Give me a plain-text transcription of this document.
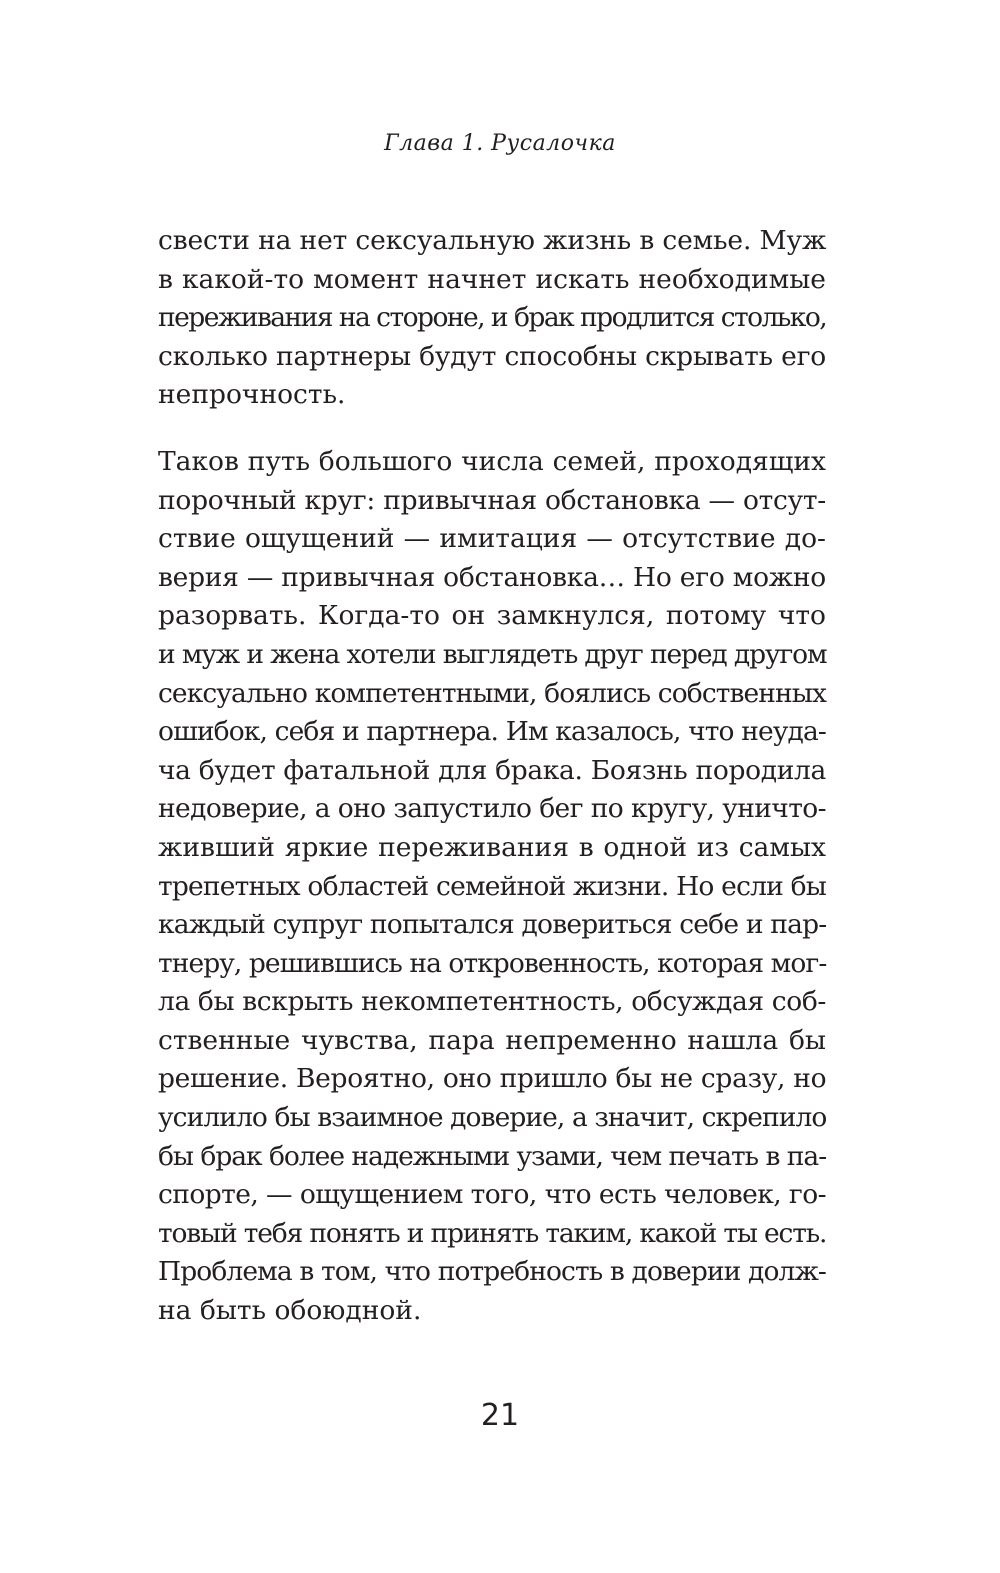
Глава 1. Русалочка
свести на нет сексуальную жизнь в семье. Муж
в какой-то момент начнет искать необходимые
переживания на стороне, и брак продлится столько,
сколько партнеры будут способны скрывать его
непрочность.
Таков путь большого числа семей, проходящих
порочный круг: привычная обстановка — отсут-
ствие ощущений — имитация — отсутствие до-
верия — привычная обстановка… Но его можно
разорвать. Когда-то он замкнулся, потому что
и муж и жена хотели выглядеть друг перед другом
сексуально компетентными, боялись собственных
ошибок, себя и партнера. Им казалось, что неуда-
ча будет фатальной для брака. Боязнь породила
недоверие, а оно запустило бег по кругу, уничто-
живший яркие переживания в одной из самых
трепетных областей семейной жизни. Но если бы
каждый супруг попытался довериться себе и пар-
тнеру, решившись на откровенность, которая мог-
ла бы вскрыть некомпетентность, обсуждая соб-
ственные чувства, пара непременно нашла бы
решение. Вероятно, оно пришло бы не сразу, но
усилило бы взаимное доверие, а значит, скрепило
бы брак более надежными узами, чем печать в па-
спорте, — ощущением того, что есть человек, го-
товый тебя понять и принять таким, какой ты есть.
Проблема в том, что потребность в доверии долж-
на быть обоюдной.
21
